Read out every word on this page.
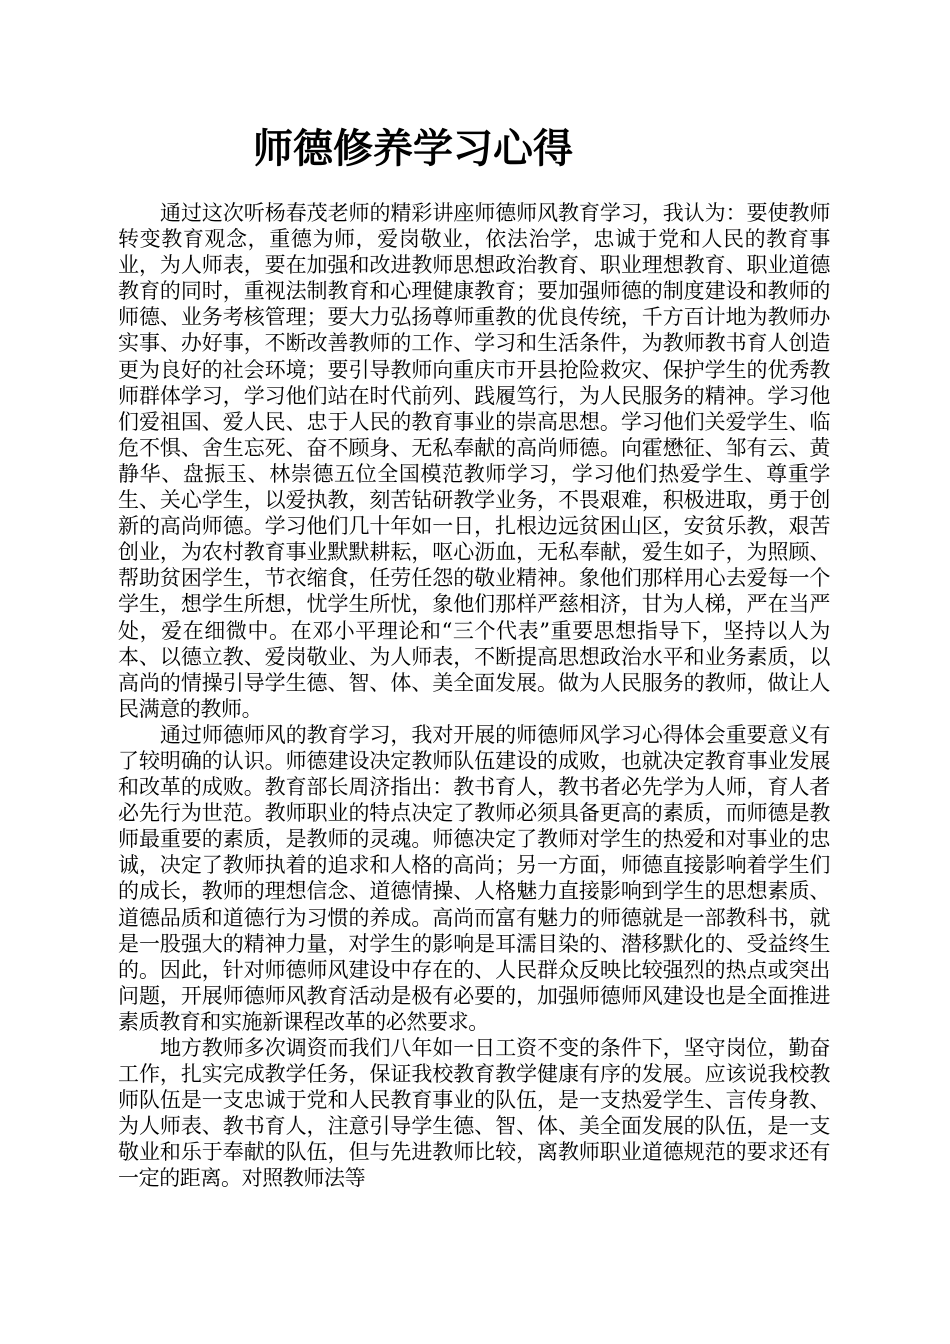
师德修养学习心得

通过这次听杨春茂老师的精彩讲座师德师风教育学习，我认为：要使教师转变教育观念，重德为师，爱岗敬业，依法治学，忠诚于党和人民的教育事业，为人师表，要在加强和改进教师思想政治教育、职业理想教育、职业道德教育的同时，重视法制教育和心理健康教育；要加强师德的制度建设和教师的师德、业务考核管理；要大力弘扬尊师重教的优良传统，千方百计地为教师办实事、办好事，不断改善教师的工作、学习和生活条件，为教师教书育人创造更为良好的社会环境；要引导教师向重庆市开县抢险救灾、保护学生的优秀教师群体学习，学习他们站在时代前列、践履笃行，为人民服务的精神。学习他们爱祖国、爱人民、忠于人民的教育事业的崇高思想。学习他们关爱学生、临危不惧、舍生忘死、奋不顾身、无私奉献的高尚师德。向霍懋征、邹有云、黄静华、盘振玉、林崇德五位全国模范教师学习，学习他们热爱学生、尊重学生、关心学生，以爱执教，刻苦钻研教学业务，不畏艰难，积极进取，勇于创新的高尚师德。学习他们几十年如一日，扎根边远贫困山区，安贫乐教，艰苦创业，为农村教育事业默默耕耘，呕心沥血，无私奉献，爱生如子，为照顾、帮助贫困学生，节衣缩食，任劳任怨的敬业精神。象他们那样用心去爱每一个学生，想学生所想，忧学生所忧，象他们那样严慈相济，甘为人梯，严在当严处，爱在细微中。在邓小平理论和“三个代表”重要思想指导下，坚持以人为本、以德立教、爱岗敬业、为人师表，不断提高思想政治水平和业务素质，以高尚的情操引导学生德、智、体、美全面发展。做为人民服务的教师，做让人民满意的教师。

通过师德师风的教育学习，我对开展的师德师风学习心得体会重要意义有了较明确的认识。师德建设决定教师队伍建设的成败，也就决定教育事业发展和改革的成败。教育部长周济指出：教书育人，教书者必先学为人师，育人者必先行为世范。教师职业的特点决定了教师必须具备更高的素质，而师德是教师最重要的素质，是教师的灵魂。师德决定了教师对学生的热爱和对事业的忠诚，决定了教师执着的追求和人格的高尚；另一方面，师德直接影响着学生们的成长，教师的理想信念、道德情操、人格魅力直接影响到学生的思想素质、道德品质和道德行为习惯的养成。高尚而富有魅力的师德就是一部教科书，就是一股强大的精神力量，对学生的影响是耳濡目染的、潜移默化的、受益终生的。因此，针对师德师风建设中存在的、人民群众反映比较强烈的热点或突出问题，开展师德师风教育活动是极有必要的，加强师德师风建设也是全面推进素质教育和实施新课程改革的必然要求。

地方教师多次调资而我们八年如一日工资不变的条件下，坚守岗位，勤奋工作，扎实完成教学任务，保证我校教育教学健康有序的发展。应该说我校教师队伍是一支忠诚于党和人民教育事业的队伍，是一支热爱学生、言传身教、为人师表、教书育人，注意引导学生德、智、体、美全面发展的队伍，是一支敬业和乐于奉献的队伍，但与先进教师比较，离教师职业道德规范的要求还有一定的距离。对照教师法等
